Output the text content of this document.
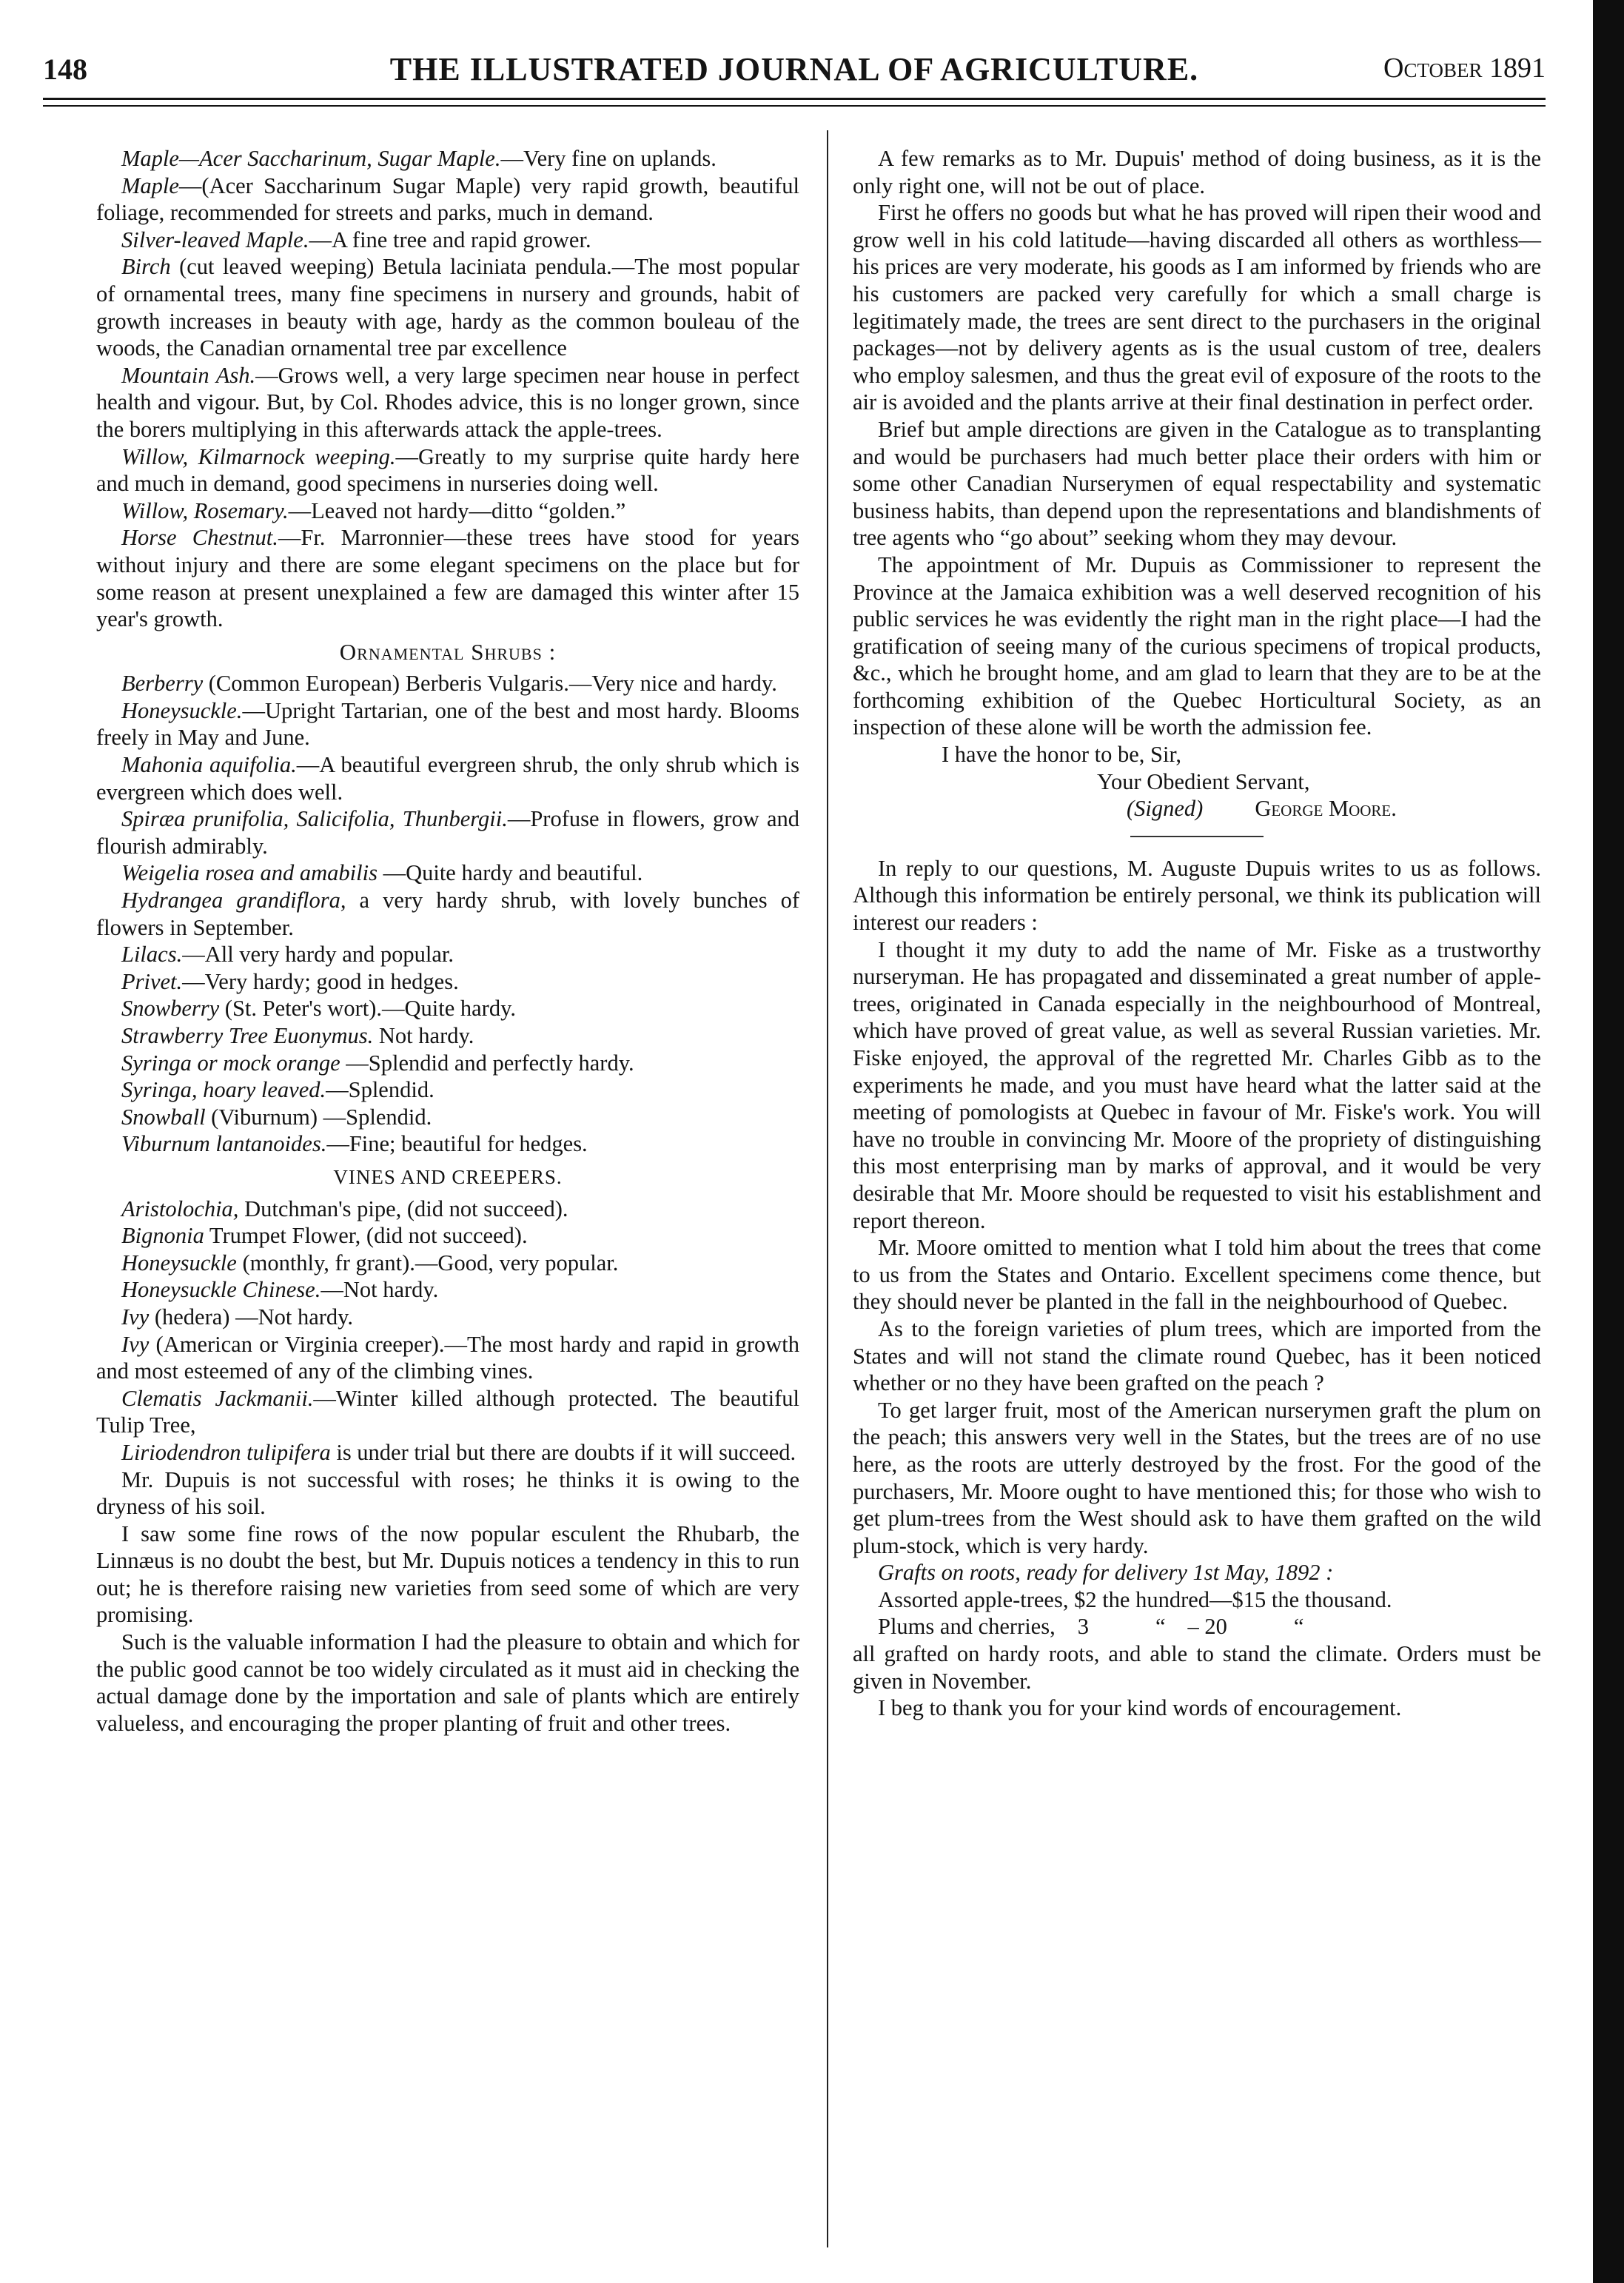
148	THE ILLUSTRATED JOURNAL OF AGRICULTURE.	October 1891

Maple—Acer Saccharinum, Sugar Maple.—Very fine on uplands.

Maple—(Acer Saccharinum Sugar Maple) very rapid growth, beautiful foliage, recommended for streets and parks, much in demand.

Silver-leaved Maple.—A fine tree and rapid grower.

Birch (cut leaved weeping) Betula laciniata pendula.—The most popular of ornamental trees, many fine specimens in nursery and grounds, habit of growth increases in beauty with age, hardy as the common bouleau of the woods, the Canadian ornamental tree par excellence

Mountain Ash.—Grows well, a very large specimen near house in perfect health and vigour. But, by Col. Rhodes advice, this is no longer grown, since the borers multiplying in this afterwards attack the apple-trees.

Willow, Kilmarnock weeping.—Greatly to my surprise quite hardy here and much in demand, good specimens in nurseries doing well.

Willow, Rosemary.—Leaved not hardy—ditto “golden.”

Horse Chestnut.—Fr. Marronnier—these trees have stood for years without injury and there are some elegant specimens on the place but for some reason at present unexplained a few are damaged this winter after 15 year's growth.

Ornamental Shrubs :

Berberry (Common European) Berberis Vulgaris.—Very nice and hardy.

Honeysuckle.—Upright Tartarian, one of the best and most hardy. Blooms freely in May and June.

Mahonia aquifolia.—A beautiful evergreen shrub, the only shrub which is evergreen which does well.

Spiræa prunifolia, Salicifolia, Thunbergii.—Profuse in flowers, grow and flourish admirably.

Weigelia rosea and amabilis —Quite hardy and beautiful.

Hydrangea grandiflora, a very hardy shrub, with lovely bunches of flowers in September.

Lilacs.—All very hardy and popular.

Privet.—Very hardy; good in hedges.

Snowberry (St. Peter's wort).—Quite hardy.

Strawberry Tree Euonymus. Not hardy.

Syringa or mock orange —Splendid and perfectly hardy.

Syringa, hoary leaved.—Splendid.

Snowball (Viburnum) —Splendid.

Viburnum lantanoides.—Fine; beautiful for hedges.

VINES AND CREEPERS.

Aristolochia, Dutchman's pipe, (did not succeed).

Bignonia Trumpet Flower, (did not succeed).

Honeysuckle (monthly, fr grant).—Good, very popular.

Honeysuckle Chinese.—Not hardy.

Ivy (hedera) —Not hardy.

Ivy (American or Virginia creeper).—The most hardy and rapid in growth and most esteemed of any of the climbing vines.

Clematis Jackmanii.—Winter killed although protected. The beautiful Tulip Tree,

Liriodendron tulipifera is under trial but there are doubts if it will succeed.

Mr. Dupuis is not successful with roses; he thinks it is owing to the dryness of his soil.

I saw some fine rows of the now popular esculent the Rhubarb, the Linnæus is no doubt the best, but Mr. Dupuis notices a tendency in this to run out; he is therefore raising new varieties from seed some of which are very promising.

Such is the valuable information I had the pleasure to obtain and which for the public good cannot be too widely circulated as it must aid in checking the actual damage done by the importation and sale of plants which are entirely valueless, and encouraging the proper planting of fruit and other trees.

A few remarks as to Mr. Dupuis' method of doing business, as it is the only right one, will not be out of place.

First he offers no goods but what he has proved will ripen their wood and grow well in his cold latitude—having discarded all others as worthless—his prices are very moderate, his goods as I am informed by friends who are his customers are packed very carefully for which a small charge is legitimately made, the trees are sent direct to the purchasers in the original packages—not by delivery agents as is the usual custom of tree, dealers who employ salesmen, and thus the great evil of exposure of the roots to the air is avoided and the plants arrive at their final destination in perfect order.

Brief but ample directions are given in the Catalogue as to transplanting and would be purchasers had much better place their orders with him or some other Canadian Nurserymen of equal respectability and systematic business habits, than depend upon the representations and blandishments of tree agents who “go about” seeking whom they may devour.

The appointment of Mr. Dupuis as Commissioner to represent the Province at the Jamaica exhibition was a well deserved recognition of his public services he was evidently the right man in the right place—I had the gratification of seeing many of the curious specimens of tropical products, &c., which he brought home, and am glad to learn that they are to be at the forthcoming exhibition of the Quebec Horticultural Society, as an inspection of these alone will be worth the admission fee.

I have the honor to be, Sir,

Your Obedient Servant,

(Signed) George Moore.

In reply to our questions, M. Auguste Dupuis writes to us as follows. Although this information be entirely personal, we think its publication will interest our readers :

I thought it my duty to add the name of Mr. Fiske as a trustworthy nurseryman. He has propagated and disseminated a great number of apple-trees, originated in Canada especially in the neighbourhood of Montreal, which have proved of great value, as well as several Russian varieties. Mr. Fiske enjoyed, the approval of the regretted Mr. Charles Gibb as to the experiments he made, and you must have heard what the latter said at the meeting of pomologists at Quebec in favour of Mr. Fiske's work. You will have no trouble in convincing Mr. Moore of the propriety of distinguishing this most enterprising man by marks of approval, and it would be very desirable that Mr. Moore should be requested to visit his establishment and report thereon.

Mr. Moore omitted to mention what I told him about the trees that come to us from the States and Ontario. Excellent specimens come thence, but they should never be planted in the fall in the neighbourhood of Quebec.

As to the foreign varieties of plum trees, which are imported from the States and will not stand the climate round Quebec, has it been noticed whether or no they have been grafted on the peach ?

To get larger fruit, most of the American nurserymen graft the plum on the peach; this answers very well in the States, but the trees are of no use here, as the roots are utterly destroyed by the frost. For the good of the purchasers, Mr. Moore ought to have mentioned this; for those who wish to get plum-trees from the West should ask to have them grafted on the wild plum-stock, which is very hardy.

Grafts on roots, ready for delivery 1st May, 1892 :

Assorted apple-trees, $2 the hundred—$15 the thousand.

Plums and cherries, 3	“ – 20	“

all grafted on hardy roots, and able to stand the climate. Orders must be given in November.

I beg to thank you for your kind words of encouragement.
